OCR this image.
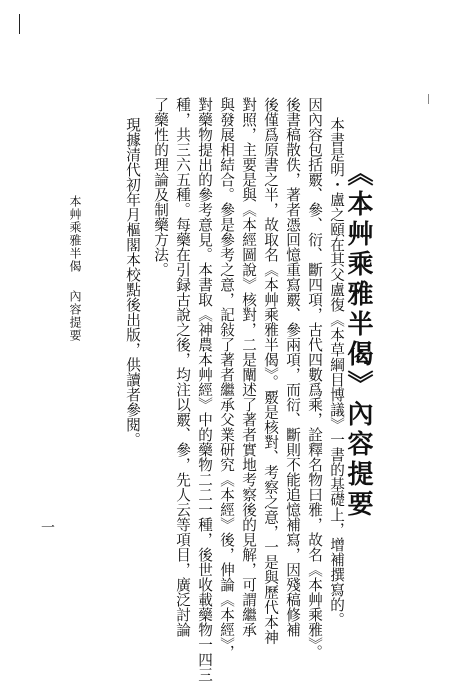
《本艸乘雅半偈》內容提要
本書是明・盧之頤在其父盧復《本草綱目博議》一書的基礎上，增補撰寫的。
因內容包括覈、參、衍、斷四項，古代四數爲乘，詮釋名物曰雅，故名《本艸乘雅》。
後書稿散佚，著者憑回憶重寫覈、參兩項，而衍、斷則不能追憶補寫，因殘稿修補
後僅爲原書之半，故取名《本艸乘雅半偈》。覈是核對、考察之意，一是與歷代本神
對照，主要是與《本經圖說》核對，二是闡述了著者實地考察後的見解，可謂繼承
與發展相結合。參是參考之意，記敍了著者繼承父業研究《本經》後，伸論《本經》，
對藥物提出的參考意見。本書取《神農本艸經》中的藥物二二一種，後世收載藥物一四三
種，共三六五種。每藥在引録古說之後，均注以覈、參，先人云等項目，廣泛討論
了藥性的理論及制藥方法。
現據清代初年月樞閣本校點後出版，供讀者參閱。
本艸乘雅半偈
內容提要
一
